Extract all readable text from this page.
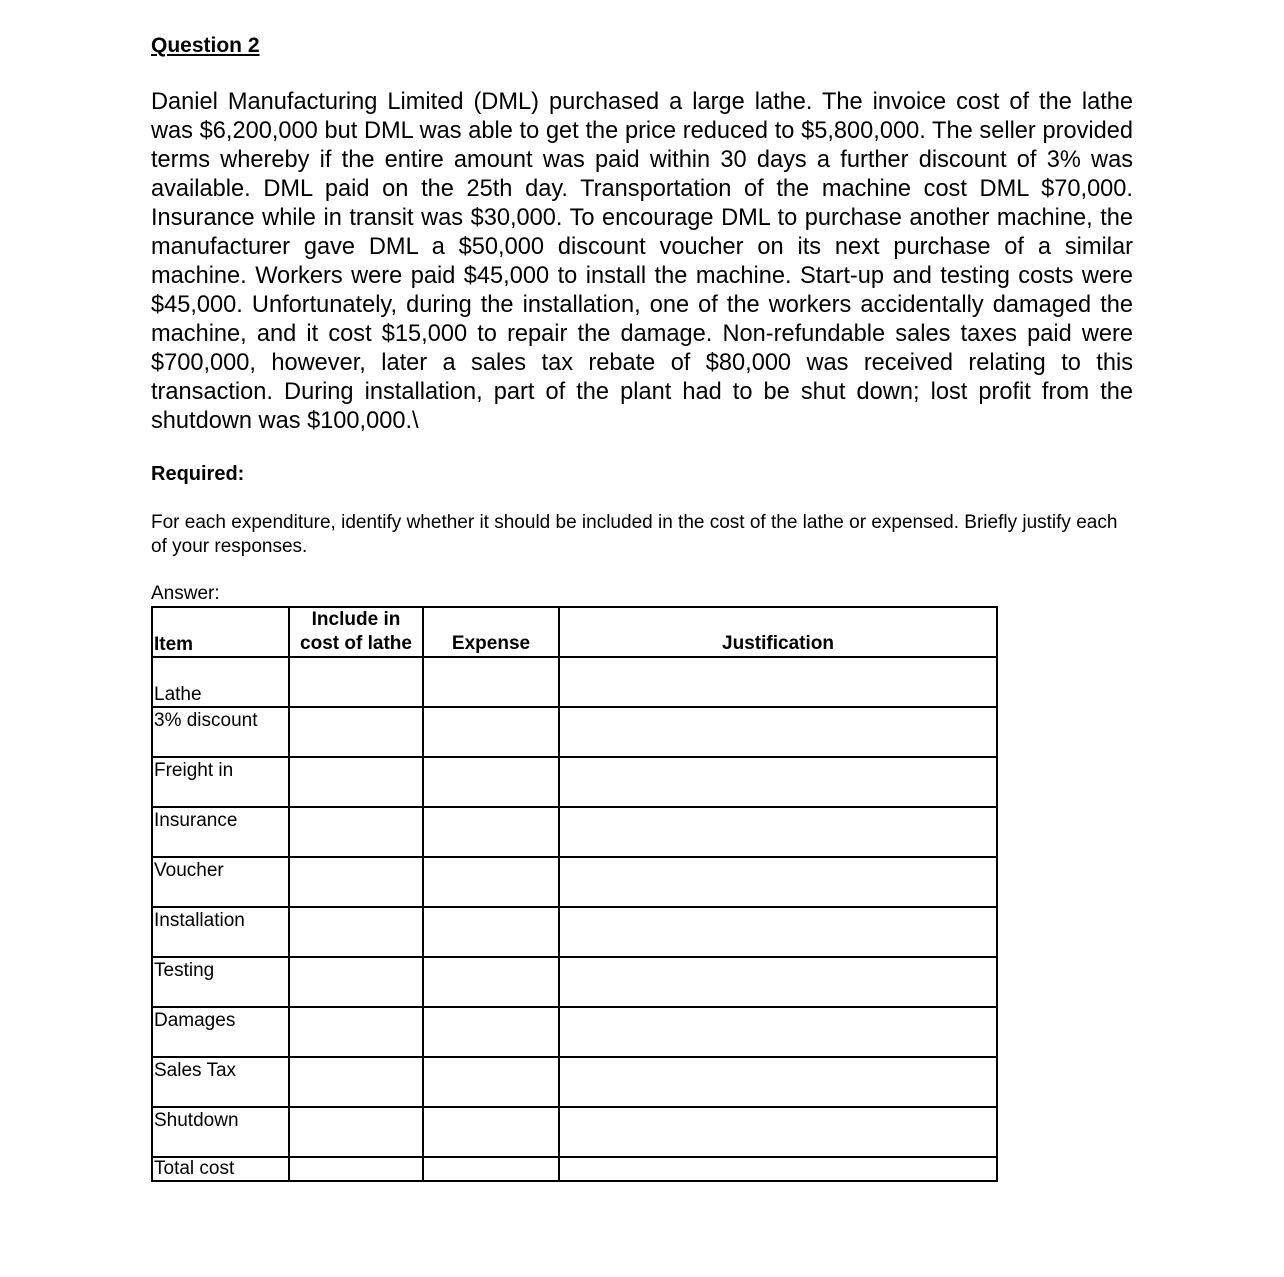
Question 2
Daniel Manufacturing Limited (DML) purchased a large lathe. The invoice cost of the lathe was $6,200,000 but DML was able to get the price reduced to $5,800,000. The seller provided terms whereby if the entire amount was paid within 30 days a further discount of 3% was available. DML paid on the 25th day. Transportation of the machine cost DML $70,000. Insurance while in transit was $30,000. To encourage DML to purchase another machine, the manufacturer gave DML a $50,000 discount voucher on its next purchase of a similar machine. Workers were paid $45,000 to install the machine. Start-up and testing costs were $45,000. Unfortunately, during the installation, one of the workers accidentally damaged the machine, and it cost $15,000 to repair the damage. Non-refundable sales taxes paid were $700,000, however, later a sales tax rebate of $80,000 was received relating to this transaction. During installation, part of the plant had to be shut down; lost profit from the shutdown was $100,000.\
Required:
For each expenditure, identify whether it should be included in the cost of the lathe or expensed. Briefly justify each of your responses.
Answer:
Item	Include in cost of lathe	Expense	Justification
Lathe			
3% discount			
Freight in			
Insurance			
Voucher			
Installation			
Testing			
Damages			
Sales Tax			
Shutdown			
Total cost			
